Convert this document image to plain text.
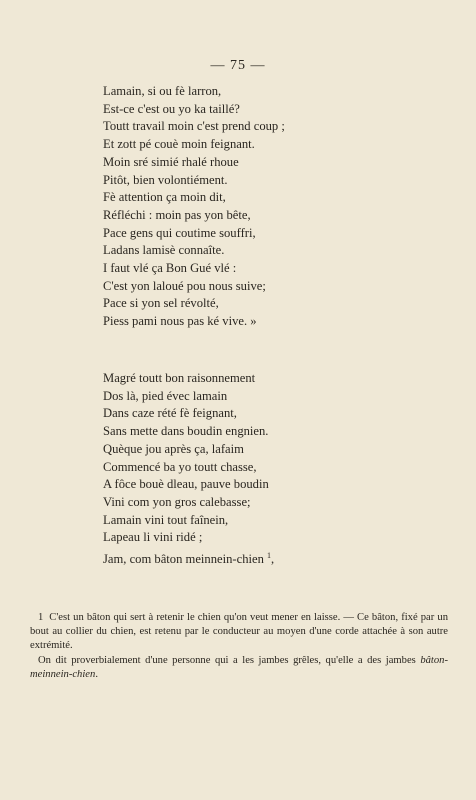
— 75 —
Lamain, si ou fè larron,
Est-ce c'est ou yo ka taillé?
Toutt travail moin c'est prend coup ;
Et zott pé couè moin feignant.
Moin sré simié rhalé rhoue
Pitôt, bien volontiément.
Fè attention ça moin dit,
Réfléchi : moin pas yon bête,
Pace gens qui coutime souffri,
Ladans lamisè connaîte.
I faut vlé ça Bon Gué vlé :
C'est yon laloué pou nous suive;
Pace si yon sel révolté,
Piess pami nous pas ké vive. »
Magré toutt bon raisonnement
Dos là, pied évec lamain
Dans caze rété fè feignant,
Sans mette dans boudin engnien.
Quèque jou après ça, lafaim
Commencé ba yo toutt chasse,
A fôce bouè dleau, pauve boudin
Vini com yon gros calebasse;
Lamain vini tout faînein,
Lapeau li vini ridé ;
Jam, com bâton meinnein-chien $^1$,

1 C'est un bâton qui sert à retenir le chien qu'on veut mener en laisse. — Ce bâton, fixé par un bout au collier du chien, est retenu par le conducteur au moyen d'une corde attachée à son autre extrémité.

On dit proverbialement d'une personne qui a les jambes grêles, qu'elle a des jambes bâton-meinnein-chien.
